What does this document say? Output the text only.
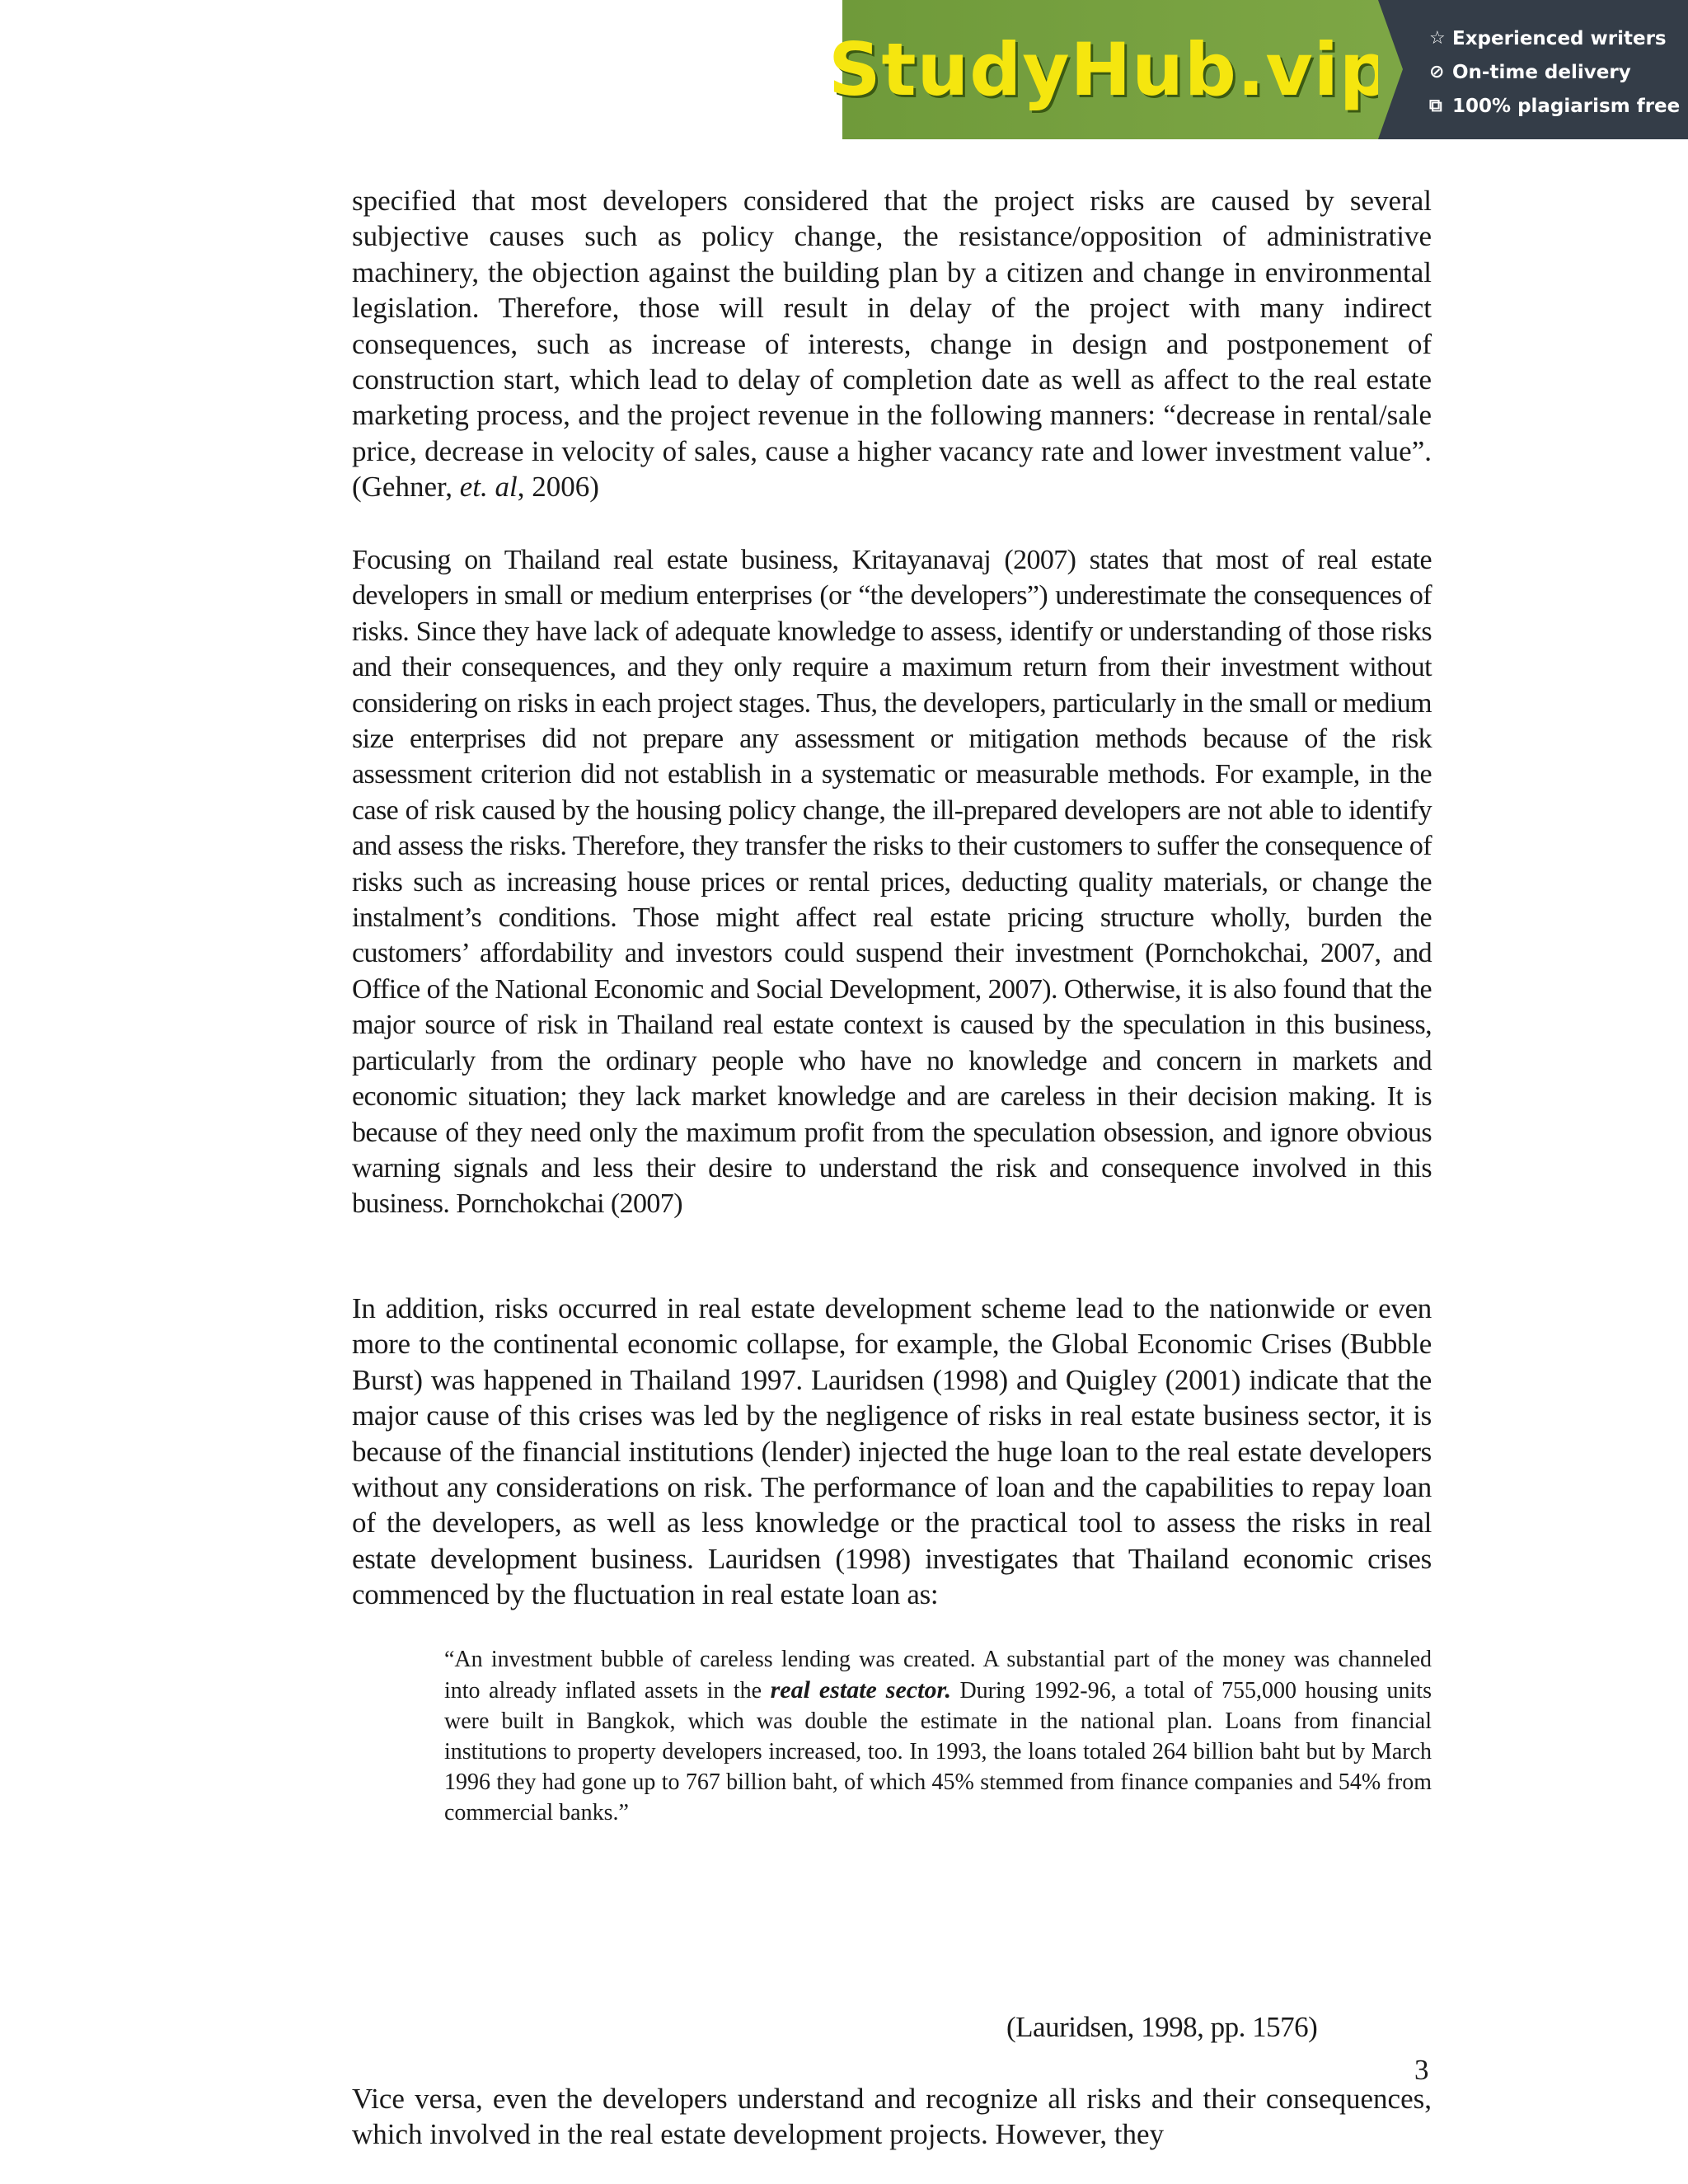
StudyHub.vip ☆ Experienced writers
⊘ On-time delivery
⧉ 100% plagiarism free

specified that most developers considered that the project risks are caused by several subjective causes such as policy change, the resistance/opposition of administrative machinery, the objection against the building plan by a citizen and change in environmental legislation. Therefore, those will result in delay of the project with many indirect consequences, such as increase of interests, change in design and postponement of construction start, which lead to delay of completion date as well as affect to the real estate marketing process, and the project revenue in the following manners: “decrease in rental/sale price, decrease in velocity of sales, cause a higher vacancy rate and lower investment value”. (Gehner, et. al, 2006)

Focusing on Thailand real estate business, Kritayanavaj (2007) states that most of real estate developers in small or medium enterprises (or “the developers”) underestimate the consequences of risks. Since they have lack of adequate knowledge to assess, identify or understanding of those risks and their consequences, and they only require a maximum return from their investment without considering on risks in each project stages. Thus, the developers, particularly in the small or medium size enterprises did not prepare any assessment or mitigation methods because of the risk assessment criterion did not establish in a systematic or measurable methods. For example, in the case of risk caused by the housing policy change, the ill-prepared developers are not able to identify and assess the risks. Therefore, they transfer the risks to their customers to suffer the consequence of risks such as increasing house prices or rental prices, deducting quality materials, or change the instalment’s conditions. Those might affect real estate pricing structure wholly, burden the customers’ affordability and investors could suspend their investment (Pornchokchai, 2007, and Office of the National Economic and Social Development, 2007). Otherwise, it is also found that the major source of risk in Thailand real estate context is caused by the speculation in this business, particularly from the ordinary people who have no knowledge and concern in markets and economic situation; they lack market knowledge and are careless in their decision making. It is because of they need only the maximum profit from the speculation obsession, and ignore obvious warning signals and less their desire to understand the risk and consequence involved in this business. Pornchokchai (2007)

In addition, risks occurred in real estate development scheme lead to the nationwide or even more to the continental economic collapse, for example, the Global Economic Crises (Bubble Burst) was happened in Thailand 1997. Lauridsen (1998) and Quigley (2001) indicate that the major cause of this crises was led by the negligence of risks in real estate business sector, it is because of the financial institutions (lender) injected the huge loan to the real estate developers without any considerations on risk. The performance of loan and the capabilities to repay loan of the developers, as well as less knowledge or the practical tool to assess the risks in real estate development business. Lauridsen (1998) investigates that Thailand economic crises commenced by the fluctuation in real estate loan as:

“An investment bubble of careless lending was created. A substantial part of the money was channeled into already inflated assets in the real estate sector. During 1992-96, a total of 755,000 housing units were built in Bangkok, which was double the estimate in the national plan. Loans from financial institutions to property developers increased, too. In 1993, the loans totaled 264 billion baht but by March 1996 they had gone up to 767 billion baht, of which 45% stemmed from finance companies and 54% from commercial banks.”

(Lauridsen, 1998, pp. 1576)

Vice versa, even the developers understand and recognize all risks and their consequences, which involved in the real estate development projects. However, they

3
